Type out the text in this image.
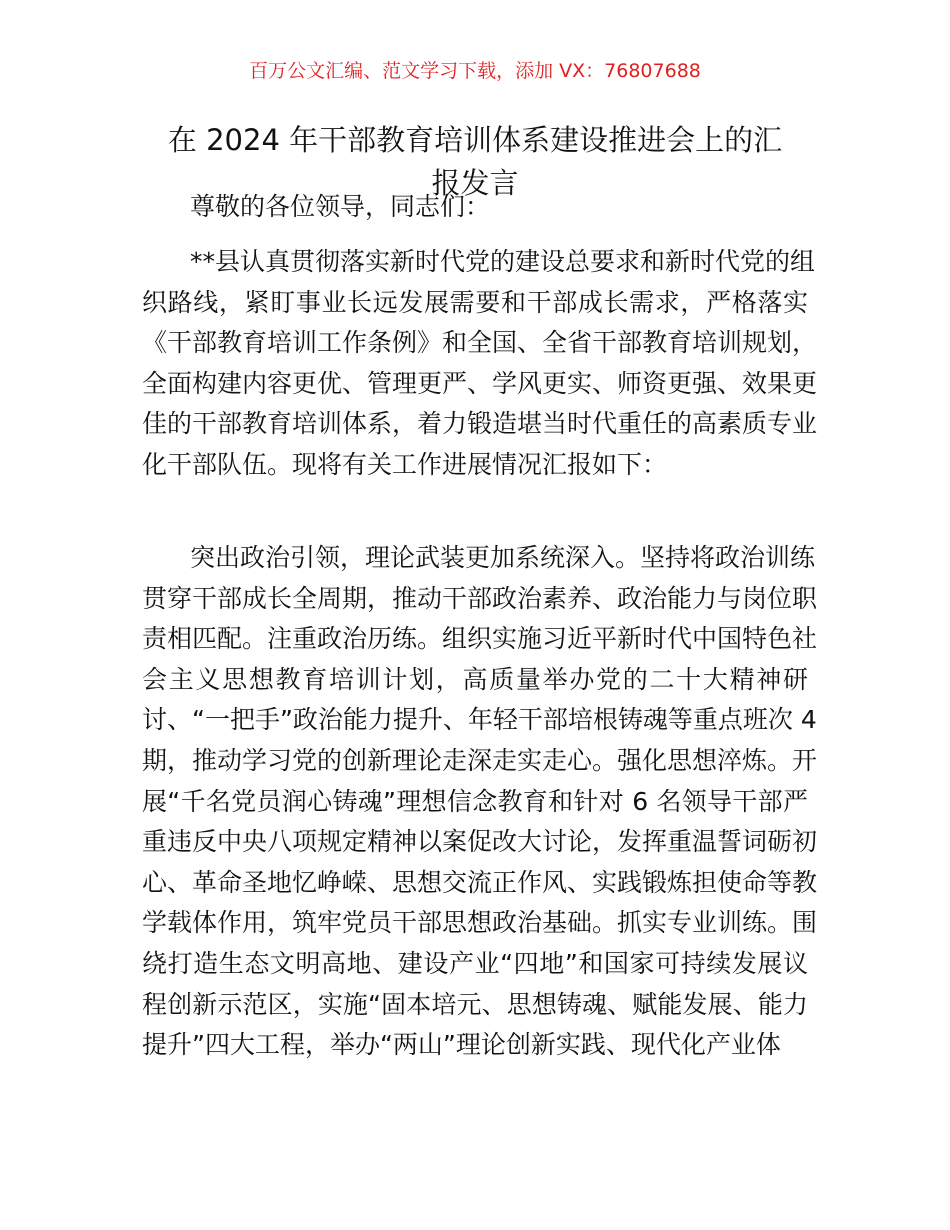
百万公文汇编、范文学习下载，添加 VX：76807688
在 2024 年干部教育培训体系建设推进会上的汇
报发言
尊敬的各位领导，同志们：
**县认真贯彻落实新时代党的建设总要求和新时代党的组
织路线，紧盯事业长远发展需要和干部成长需求，严格落实
《干部教育培训工作条例》和全国、全省干部教育培训规划，
全面构建内容更优、管理更严、学风更实、师资更强、效果更
佳的干部教育培训体系，着力锻造堪当时代重任的高素质专业
化干部队伍。现将有关工作进展情况汇报如下：
突出政治引领，理论武装更加系统深入。坚持将政治训练
贯穿干部成长全周期，推动干部政治素养、政治能力与岗位职
责相匹配。注重政治历练。组织实施习近平新时代中国特色社
会主义思想教育培训计划，高质量举办党的二十大精神研
讨、“一把手”政治能力提升、年轻干部培根铸魂等重点班次 4
期，推动学习党的创新理论走深走实走心。强化思想淬炼。开
展“千名党员润心铸魂”理想信念教育和针对 6 名领导干部严
重违反中央八项规定精神以案促改大讨论，发挥重温誓词砺初
心、革命圣地忆峥嵘、思想交流正作风、实践锻炼担使命等教
学载体作用，筑牢党员干部思想政治基础。抓实专业训练。围
绕打造生态文明高地、建设产业“四地”和国家可持续发展议
程创新示范区，实施“固本培元、思想铸魂、赋能发展、能力
提升”四大工程，举办“两山”理论创新实践、现代化产业体
